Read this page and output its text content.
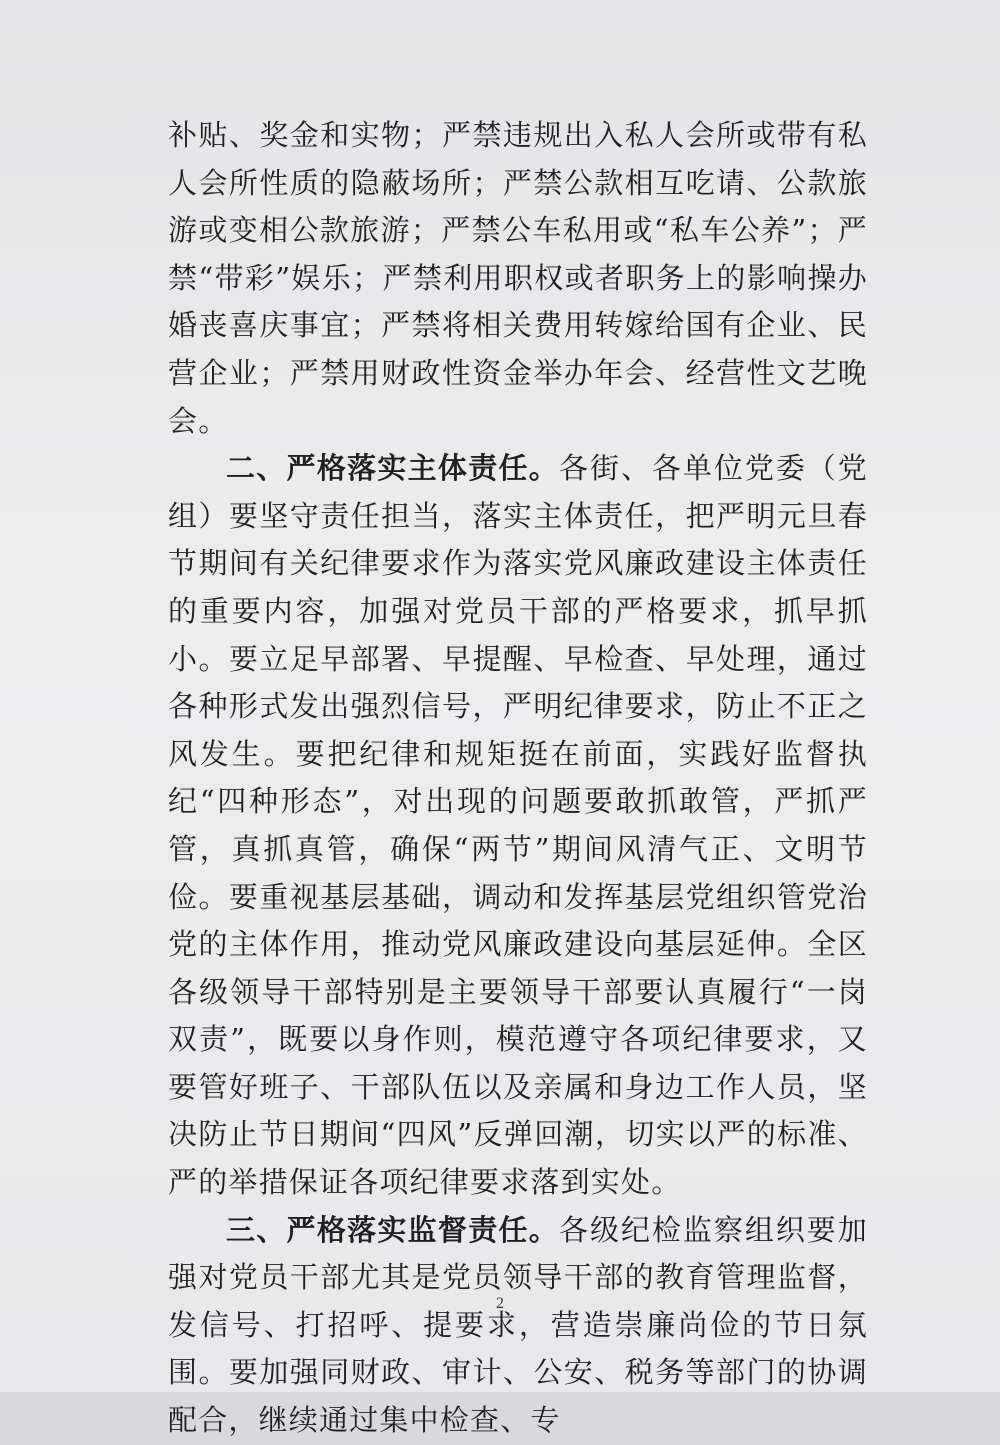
补贴、奖金和实物；严禁违规出入私人会所或带有私人会所性质的隐蔽场所；严禁公款相互吃请、公款旅游或变相公款旅游；严禁公车私用或“私车公养”；严禁“带彩”娱乐；严禁利用职权或者职务上的影响操办婚丧喜庆事宜；严禁将相关费用转嫁给国有企业、民营企业；严禁用财政性资金举办年会、经营性文艺晚会。

二、严格落实主体责任。各街、各单位党委（党组）要坚守责任担当，落实主体责任，把严明元旦春节期间有关纪律要求作为落实党风廉政建设主体责任的重要内容，加强对党员干部的严格要求，抓早抓小。要立足早部署、早提醒、早检查、早处理，通过各种形式发出强烈信号，严明纪律要求，防止不正之风发生。要把纪律和规矩挺在前面，实践好监督执纪“四种形态”，对出现的问题要敢抓敢管，严抓严管，真抓真管，确保“两节”期间风清气正、文明节俭。要重视基层基础，调动和发挥基层党组织管党治党的主体作用，推动党风廉政建设向基层延伸。全区各级领导干部特别是主要领导干部要认真履行“一岗双责”，既要以身作则，模范遵守各项纪律要求，又要管好班子、干部队伍以及亲属和身边工作人员，坚决防止节日期间“四风”反弹回潮，切实以严的标准、严的举措保证各项纪律要求落到实处。

三、严格落实监督责任。各级纪检监察组织要加强对党员干部尤其是党员领导干部的教育管理监督，发信号、打招呼、提要求，营造崇廉尚俭的节日氛围。要加强同财政、审计、公安、税务等部门的协调配合，继续通过集中检查、专

2
